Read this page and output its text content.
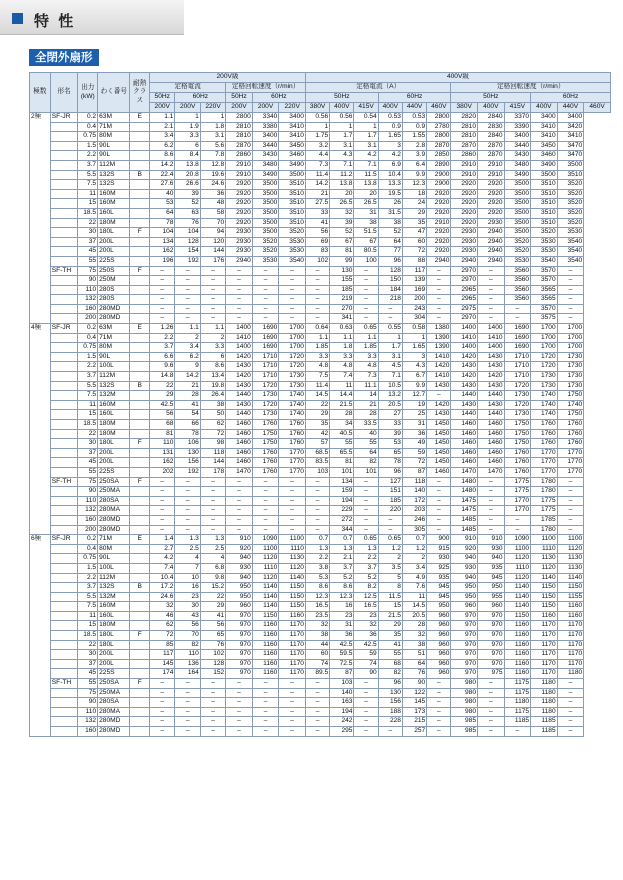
特 性
全閉外扇形
極数	形名	出力
(kW)	わく番号	耐熱
クラス	200V級						400V級											
					定格電流			定格回転速度（r/min）			定格電流（A）						定格回転速度（r/min）					
					50Hz	60Hz		50Hz	60Hz		50Hz			60Hz			50Hz			60Hz		
					200V	200V	220V	200V	200V	220V	380V	400V	415V	400V	440V	460V	380V	400V	415V	400V	440V	460V
2極	SF-JR	0.2	63M	E	1.1	1	1	2800	3340	3400	0.56	0.56	0.54	0.53	0.53	2800	2820	2840	3370	3400	3400	
		0.4	71M		2.1	1.9	1.8	2810	3380	3410	1	1	1	0.9	0.9	2780	2810	2830	3390	3410	3420	
		0.75	80M		3.4	3.3	3.1	2810	3400	3410	1.75	1.7	1.7	1.65	1.55	2800	2810	2840	3400	3410	3410	
		1.5	90L		6.2	6	5.6	2870	3440	3450	3.2	3.1	3.1	3	2.8	2870	2870	2870	3440	3450	3470	
		2.2	90L		8.6	8.4	7.8	2860	3430	3460	4.4	4.3	4.2	4.2	3.9	2850	2860	2870	3430	3460	3470	
		3.7	112M		14.2	13.8	12.8	2910	3480	3490	7.3	7.1	7.1	6.9	6.4	2890	2910	2910	3480	3490	3500	
		5.5	132S	B	22.4	20.8	19.6	2910	3490	3500	11.4	11.2	11.5	10.4	9.9	2900	2910	2910	3490	3500	3510	
		7.5	132S		27.6	26.6	24.6	2920	3500	3510	14.2	13.8	13.8	13.3	12.3	2900	2920	2920	3500	3510	3520	
		11	160M		40	39	36	2920	3500	3510	21	20	20	19.5	18	2920	2920	2920	3500	3510	3520	
		15	160M		53	52	48	2920	3500	3510	27.5	26.5	26.5	26	24	2920	2920	2920	3500	3510	3520	
		18.5	160L		64	63	58	2920	3500	3510	33	32	31	31.5	29	2920	2920	2920	3500	3510	3520	
		22	180M		78	76	70	2920	3500	3510	41	39	38	38	35	2910	2920	2930	3500	3510	3520	
		30	180L	F	104	104	94	2930	3500	3520	56	52	51.5	52	47	2920	2930	2940	3500	3520	3530	
		37	200L		134	128	120	2930	3520	3530	69	67	67	64	60	2920	2930	2940	3520	3530	3540	
		45	200L		162	154	144	2930	3520	3530	83	81	80.5	77	72	2920	2930	2940	3520	3530	3540	
		55	225S		196	192	176	2940	3530	3540	102	99	100	96	88	2940	2940	2940	3530	3540	3540	
	SF-TH	75	250S	F	–	–	–	–	–	–	–	130	–	128	117	–	2970	–	3560	3570	–	
		90	250M		–	–	–	–	–	–	–	155	–	150	139	–	2970	–	3560	3570	–	
		110	280S		–	–	–	–	–	–	–	185	–	184	169	–	2965	–	3560	3565	–	
		132	280S		–	–	–	–	–	–	–	219	–	218	200	–	2965	–	3560	3565	–	
		160	280MD		–	–	–	–	–	–	–	270	–	–	243	–	2975	–	–	3570	–	
		200	280MD		–	–	–	–	–	–	–	341	–	–	304	–	2970	–	–	3575	–	
4極	SF-JR	0.2	63M	E	1.26	1.1	1.1	1400	1690	1700	0.64	0.63	0.65	0.55	0.58	1380	1400	1400	1690	1700	1700	
		0.4	71M		2.2	2	2	1410	1690	1700	1.1	1.1	1.1	1	1	1390	1410	1410	1690	1700	1700	
		0.75	80M		3.7	3.4	3.3	1400	1690	1700	1.85	1.8	1.85	1.7	1.65	1390	1400	1400	1690	1700	1700	
		1.5	90L		6.6	6.2	6	1420	1710	1720	3.3	3.3	3.3	3.1	3	1410	1420	1430	1710	1720	1730	
		2.2	100L		9.6	9	8.6	1430	1710	1720	4.8	4.8	4.8	4.5	4.3	1420	1430	1430	1710	1720	1730	
		3.7	112M		14.8	14.2	13.4	1420	1710	1730	7.5	7.4	7.3	7.1	6.7	1410	1420	1420	1710	1730	1730	
		5.5	132S	B	22	21	19.8	1430	1720	1730	11.4	11	11.1	10.5	9.9	1430	1430	1430	1720	1730	1730	
		7.5	132M		29	28	26.4	1440	1730	1740	14.5	14.4	14	13.2	12.7	–	1440	1440	1730	1740	1750	
		11	160M		42.5	41	38	1430	1720	1740	22	21.5	21	20.5	19	1420	1430	1430	1720	1740	1740	
		15	160L		56	54	50	1440	1730	1740	29	28	28	27	25	1430	1440	1440	1730	1740	1750	
		18.5	180M		68	66	62	1460	1760	1760	35	34	33.5	33	31	1450	1460	1460	1750	1760	1760	
		22	180M		81	78	72	1460	1750	1760	42	40.5	40	39	36	1450	1460	1460	1750	1760	1760	
		30	180L	F	110	106	98	1460	1750	1760	57	55	55	53	49	1450	1460	1460	1750	1760	1760	
		37	200L		131	130	118	1460	1760	1770	68.5	65.5	64	65	59	1450	1460	1460	1760	1770	1770	
		45	200L		162	156	144	1460	1760	1770	83.5	81	82	78	72	1450	1460	1460	1760	1770	1770	
		55	225S		202	192	178	1470	1760	1770	103	101	101	96	87	1460	1470	1470	1760	1770	1770	
	SF-TH	75	250SA	F	–	–	–	–	–	–	–	134	–	127	118	–	1480	–	1775	1780	–	
		90	250MA		–	–	–	–	–	–	–	159	–	151	140	–	1480	–	1775	1780	–	
		110	280SA		–	–	–	–	–	–	–	194	–	185	172	–	1475	–	1770	1775	–	
		132	280MA		–	–	–	–	–	–	–	229	–	220	203	–	1475	–	1770	1775	–	
		160	280MD		–	–	–	–	–	–	–	272	–	–	246	–	1485	–	–	1785	–	
		200	280MD		–	–	–	–	–	–	–	344	–	–	305	–	1485	–	–	1780	–	
6極	SF-JR	0.2	71M	E	1.4	1.3	1.3	910	1090	1100	0.7	0.7	0.65	0.65	0.7	900	910	910	1090	1100	1100	
		0.4	80M		2.7	2.5	2.5	920	1100	1110	1.3	1.3	1.3	1.2	1.2	915	920	930	1100	1110	1120	
		0.75	90L		4.2	4	4	940	1120	1130	2.2	2.1	2.2	2	2	930	940	940	1120	1130	1130	
		1.5	100L		7.4	7	6.8	930	1110	1120	3.8	3.7	3.7	3.5	3.4	925	930	935	1110	1120	1130	
		2.2	112M		10.4	10	9.8	940	1120	1140	5.3	5.2	5.2	5	4.9	935	940	945	1120	1140	1140	
		3.7	132S	B	17.2	16	15.2	950	1140	1150	8.6	8.6	8.2	8	7.6	945	950	950	1140	1150	1150	
		5.5	132M		24.6	23	22	950	1140	1150	12.3	12.3	12.5	11.5	11	945	950	955	1140	1150	1155	
		7.5	160M		32	30	29	960	1140	1150	16.5	16	16.5	15	14.5	950	960	960	1140	1150	1160	
		11	160L		46	43	41	970	1150	1160	23.5	23	23	21.5	20.5	960	970	970	1150	1160	1160	
		15	180M		62	56	56	970	1160	1170	32	31	32	29	28	960	970	970	1160	1170	1170	
		18.5	180L	F	72	70	65	970	1160	1170	38	36	36	35	32	960	970	970	1160	1170	1170	
		22	180L		85	82	76	970	1160	1170	44	42.5	42.5	41	38	960	970	970	1160	1170	1170	
		30	200L		117	110	102	970	1160	1170	60	59.5	59	55	51	960	970	970	1160	1170	1170	
		37	200L		145	136	128	970	1160	1170	74	72.5	74	68	64	960	970	970	1160	1170	1170	
		45	225S		174	164	152	970	1160	1170	89.5	87	90	82	76	960	970	975	1160	1170	1180	
	SF-TH	55	250SA	F	–	–	–	–	–	–	–	103	–	96	90	–	980	–	1175	1180	–	
		75	250MA		–	–	–	–	–	–	–	140	–	130	122	–	980	–	1175	1180	–	
		90	280SA		–	–	–	–	–	–	–	163	–	156	145	–	980	–	1180	1180	–	
		110	280MA		–	–	–	–	–	–	–	194	–	188	173	–	980	–	1175	1180	–	
		132	280MD		–	–	–	–	–	–	–	242	–	228	215	–	985	–	1185	1185	–	
		160	280MD		–	–	–	–	–	–	–	295	–	–	257	–	985	–	–	1185	–	
